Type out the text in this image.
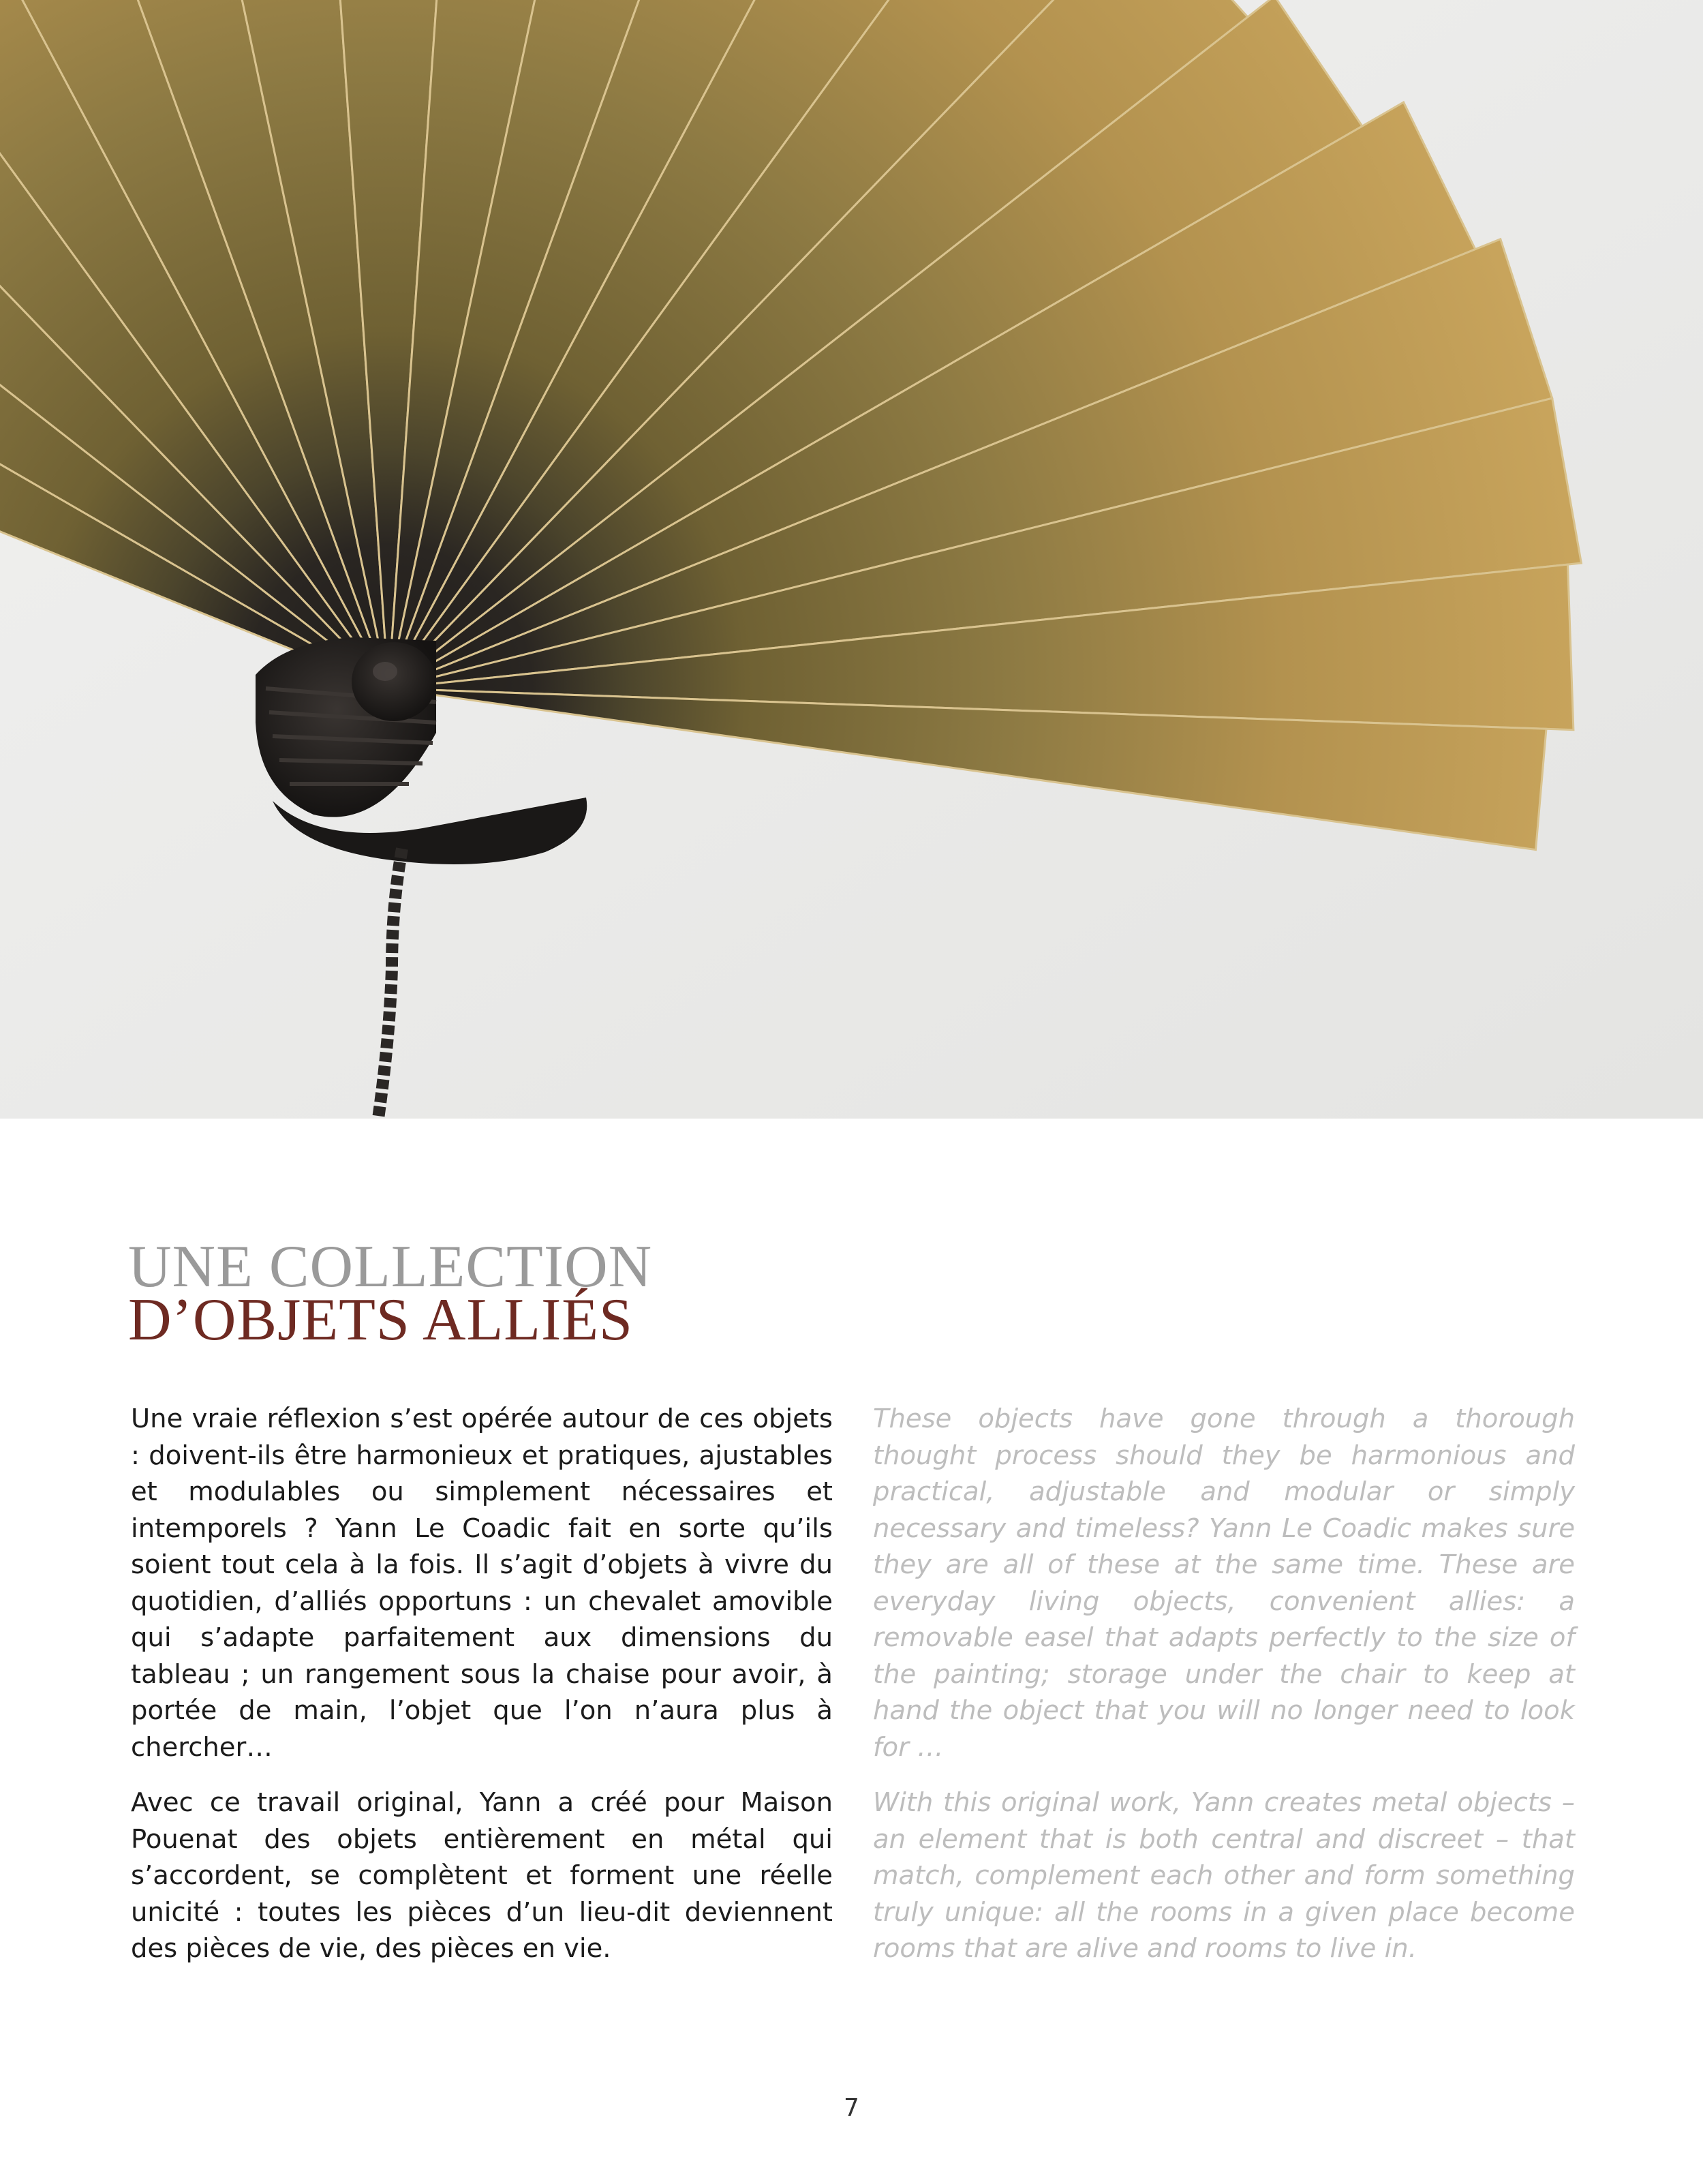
UNE COLLECTION
D’OBJETS ALLIÉS

Une vraie réflexion s’est opérée autour de ces objets : doivent-ils être harmonieux et pratiques, ajustables et modulables ou simplement nécessaires et intemporels ? Yann Le Coadic fait en sorte qu’ils soient tout cela à la fois. Il s’agit d’objets à vivre du quotidien, d’alliés opportuns : un chevalet amovible qui s’adapte parfaitement aux dimensions du tableau ; un rangement sous la chaise pour avoir, à portée de main, l’objet que l’on n’aura plus à chercher…

Avec ce travail original, Yann a créé pour Maison Pouenat des objets entièrement en métal qui s’accordent, se complètent et forment une réelle unicité : toutes les pièces d’un lieu-dit deviennent des pièces de vie, des pièces en vie.

These objects have gone through a thorough thought process should they be harmonious and practical, adjustable and modular or simply necessary and timeless? Yann Le Coadic makes sure they are all of these at the same time. These are everyday living objects, convenient allies: a removable easel that adapts perfectly to the size of the painting; storage under the chair to keep at hand the object that you will no longer need to look for …

With this original work, Yann creates metal objects – an element that is both central and discreet – that match, complement each other and form something truly unique: all the rooms in a given place become rooms that are alive and rooms to live in.

7
